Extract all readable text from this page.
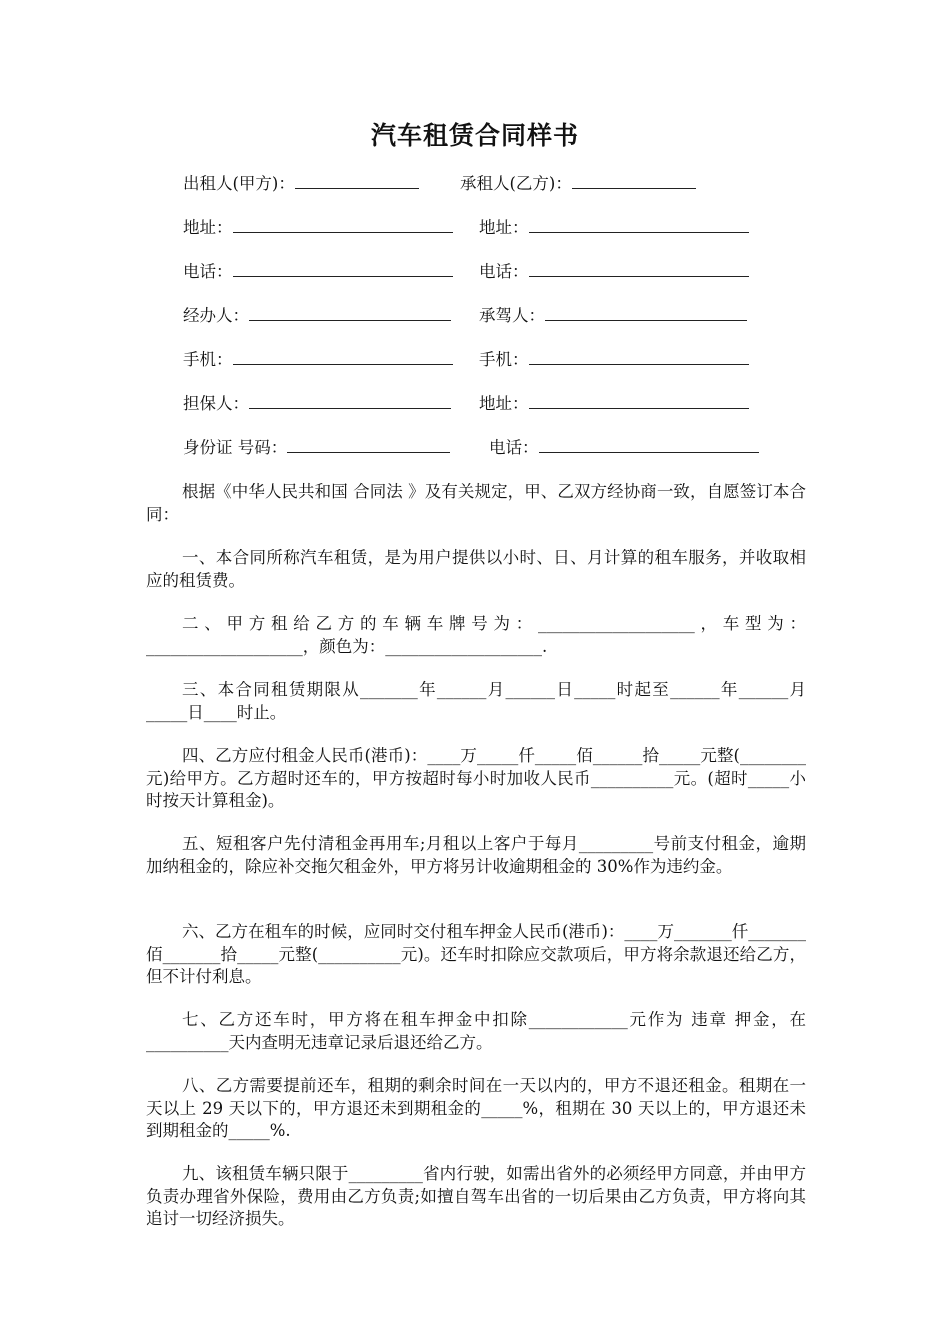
汽车租赁合同样书
出租人(甲方)：	承租人(乙方)：
地址：	地址：
电话：	电话：
经办人：	承驾人：
手机：	手机：
担保人：	地址：
身份证 号码：	电话：

根据《中华人民共和国 合同法 》及有关规定，甲、乙双方经协商一致，自愿签订本合同：

一、本合同所称汽车租赁，是为用户提供以小时、日、月计算的租车服务，并收取相应的租赁费。

二、甲方租给乙方的车辆车牌号为：___________________，车型为：___________________，颜色为：___________________.

三、本合同租赁期限从_______年______月______日_____时起至______年______月_____日____时止。

四、乙方应付租金人民币(港币)：____万_____仟_____佰______拾_____元整(________元)给甲方。乙方超时还车的，甲方按超时每小时加收人民币__________元。(超时_____小时按天计算租金)。

五、短租客户先付清租金再用车;月租以上客户于每月_________号前支付租金，逾期加纳租金的，除应补交拖欠租金外，甲方将另计收逾期租金的 30%作为违约金。

六、乙方在租车的时候，应同时交付租车押金人民币(港币)：____万_______仟_______佰_______拾_____元整(__________元)。还车时扣除应交款项后，甲方将余款退还给乙方，但不计付利息。

七、乙方还车时，甲方将在租车押金中扣除____________元作为 违章 押金，在__________天内查明无违章记录后退还给乙方。

八、乙方需要提前还车，租期的剩余时间在一天以内的，甲方不退还租金。租期在一天以上 29 天以下的，甲方退还未到期租金的_____%，租期在 30 天以上的，甲方退还未到期租金的_____%.

九、该租赁车辆只限于_________省内行驶，如需出省外的必须经甲方同意，并由甲方负责办理省外保险，费用由乙方负责;如擅自驾车出省的一切后果由乙方负责，甲方将向其追讨一切经济损失。
